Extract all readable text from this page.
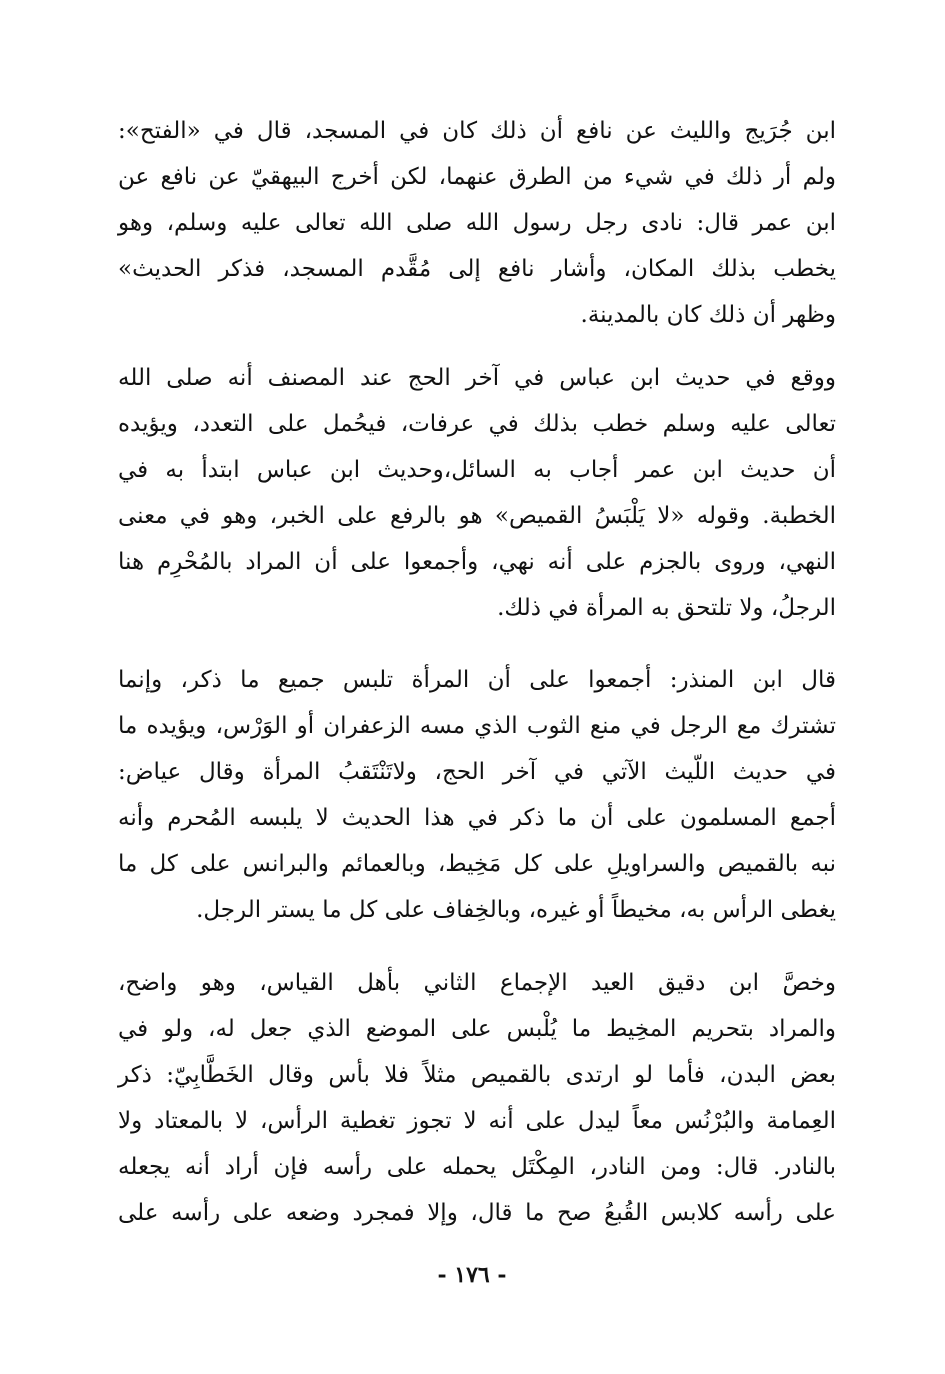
ابن جُرَيج والليث عن نافع أن ذلك كان في المسجد، قال في «الفتح»:
ولم أر ذلك في شيء من الطرق عنهما، لكن أخرج البيهقيّ عن نافع عن
ابن عمر قال: نادى رجل رسول الله صلى الله تعالى عليه وسلم، وهو
يخطب بذلك المكان، وأشار نافع إلى مُقَّدم المسجد، فذكر الحديث»
وظهر أن ذلك كان بالمدينة.
ووقع في حديث ابن عباس في آخر الحج عند المصنف أنه صلى الله
تعالى عليه وسلم خطب بذلك في عرفات، فيحُمل على التعدد، ويؤيده
أن حديث ابن عمر أجاب به السائل،وحديث ابن عباس ابتدأ به في
الخطبة. وقوله «لا يَلْبَسُ القميص» هو بالرفع على الخبر، وهو في معنى
النهي، وروى بالجزم على أنه نهي، وأجمعوا على أن المراد بالمُحْرِم هنا
الرجلُ، ولا تلتحق به المرأة في ذلك.
قال ابن المنذر: أجمعوا على أن المرأة تلبس جميع ما ذكر، وإنما
تشترك مع الرجل في منع الثوب الذي مسه الزعفران أو الوَرْس، ويؤيده ما
في حديث اللّيث الآتي في آخر الحج، ولاتَنْتَقبُ المرأة وقال عياض:
أجمع المسلمون على أن ما ذكر في هذا الحديث لا يلبسه المُحرم وأنه
نبه بالقميص والسراويلِ على كل مَخِيط، وبالعمائم والبرانس على كل ما
يغطى الرأس به، مخيطاً أو غيره، وبالخِفاف على كل ما يستر الرجل.
وخصَّ ابن دقيق العيد الإجماع الثاني بأهل القياس، وهو واضح،
والمراد بتحريم المخِيط ما يُلْبس على الموضع الذي جعل له، ولو في
بعض البدن، فأما لو ارتدى بالقميص مثلاً فلا بأس وقال الخَطَّابِيّ: ذكر
العِمامة والبُرْنُس معاً ليدل على أنه لا تجوز تغطية الرأس، لا بالمعتاد ولا
بالنادر. قال: ومن النادر، المِكْتَل يحمله على رأسه فإن أراد أنه يجعله
على رأسه كلابس القُبعُ صح ما قال، وإلا فمجرد وضعه على رأسه على
- ١٧٦ -
